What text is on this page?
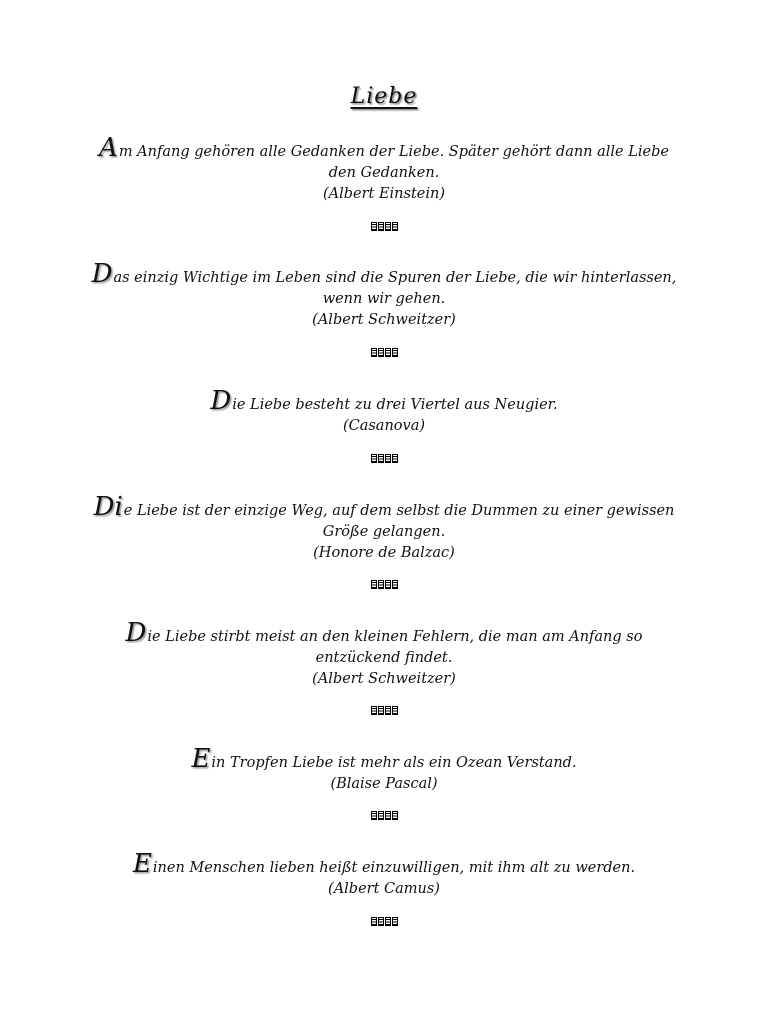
Liebe
Am Anfang gehören alle Gedanken der Liebe. Später gehört dann alle Liebe
den Gedanken.
(Albert Einstein)
Das einzig Wichtige im Leben sind die Spuren der Liebe, die wir hinterlassen,
wenn wir gehen.
(Albert Schweitzer)
Die Liebe besteht zu drei Viertel aus Neugier.
(Casanova)
Die Liebe ist der einzige Weg, auf dem selbst die Dummen zu einer gewissen
Größe gelangen.
(Honore de Balzac)
Die Liebe stirbt meist an den kleinen Fehlern, die man am Anfang so
entzückend findet.
(Albert Schweitzer)
Ein Tropfen Liebe ist mehr als ein Ozean Verstand.
(Blaise Pascal)
Einen Menschen lieben heißt einzuwilligen, mit ihm alt zu werden.
(Albert Camus)
